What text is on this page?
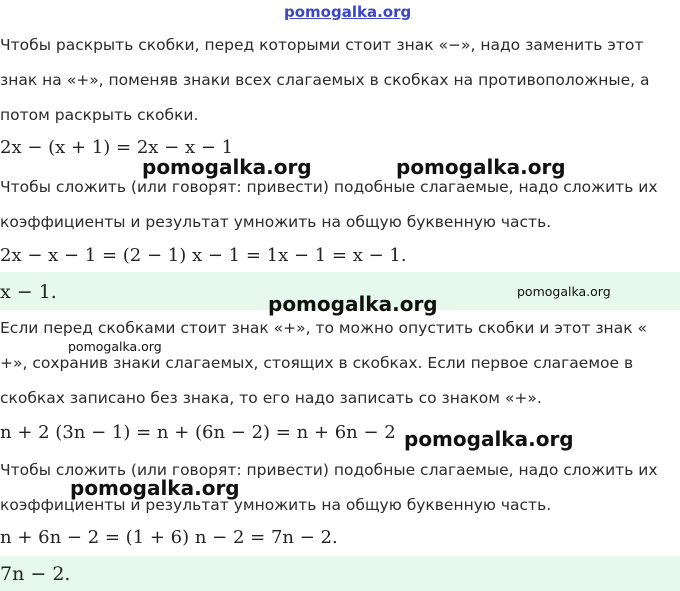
pomogalka.org
Чтобы раскрыть скобки, перед которыми стоит знак «−», надо заменить этот
знак на «+», поменяв знаки всех слагаемых в скобках на противоположные, а
потом раскрыть скобки.
2x − (x + 1) = 2x − x − 1
pomogalka.org	pomogalka.org
Чтобы сложить (или говорят: привести) подобные слагаемые, надо сложить их
коэффициенты и результат умножить на общую буквенную часть.
2x − x − 1 = (2 − 1) x − 1 = 1x − 1 = x − 1.
x − 1.	pomogalka.org
pomogalka.org
Если перед скобками стоит знак «+», то можно опустить скобки и этот знак «
pomogalka.org
+», сохранив знаки слагаемых, стоящих в скобках. Если первое слагаемое в
скобках записано без знака, то его надо записать со знаком «+».
n + 2 (3n − 1) = n + (6n − 2) = n + 6n − 2 pomogalka.org
Чтобы сложить (или говорят: привести) подобные слагаемые, надо сложить их
pomogalka.org
коэффициенты и результат умножить на общую буквенную часть.
n + 6n − 2 = (1 + 6) n − 2 = 7n − 2.
7n − 2.
